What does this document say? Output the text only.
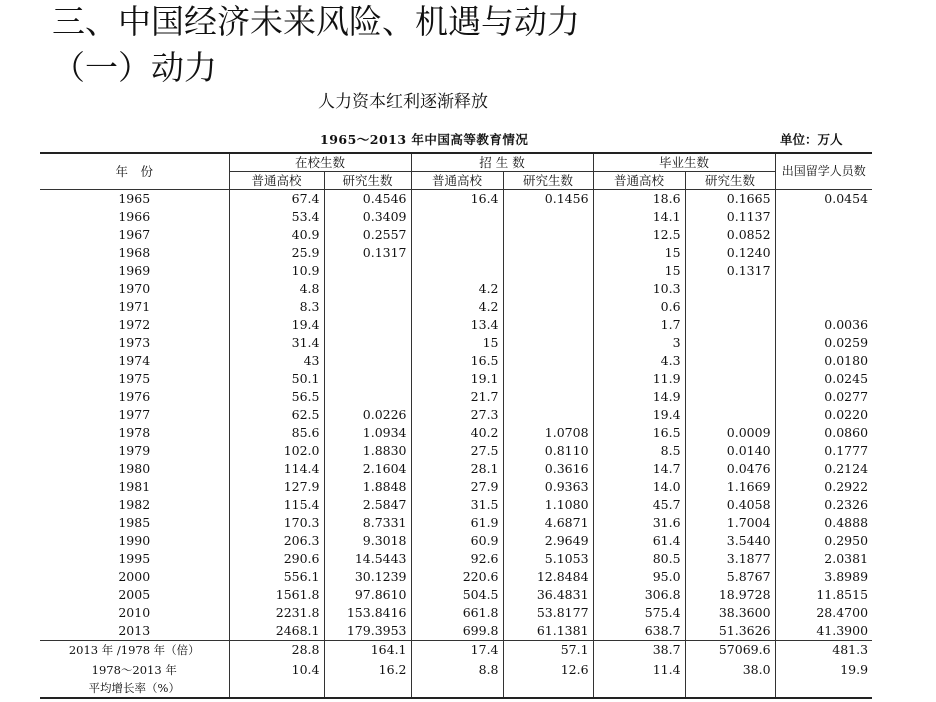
三、中国经济未来风险、机遇与动力
（一）动力
人力资本红利逐渐释放
1965～2013 年中国高等教育情况	单位：万人
年　份	在校生数		招 生 数		毕业生数		出国留学人员数
	普通高校	研究生数	普通高校	研究生数	普通高校	研究生数	
1965	67.4	0.4546	16.4	0.1456	18.6	0.1665	0.0454
1966	53.4	0.3409			14.1	0.1137	
1967	40.9	0.2557			12.5	0.0852	
1968	25.9	0.1317			15	0.1240	
1969	10.9				15	0.1317	
1970	4.8		4.2		10.3		
1971	8.3		4.2		0.6		
1972	19.4		13.4		1.7		0.0036
1973	31.4		15		3		0.0259
1974	43		16.5		4.3		0.0180
1975	50.1		19.1		11.9		0.0245
1976	56.5		21.7		14.9		0.0277
1977	62.5	0.0226	27.3		19.4		0.0220
1978	85.6	1.0934	40.2	1.0708	16.5	0.0009	0.0860
1979	102.0	1.8830	27.5	0.8110	8.5	0.0140	0.1777
1980	114.4	2.1604	28.1	0.3616	14.7	0.0476	0.2124
1981	127.9	1.8848	27.9	0.9363	14.0	1.1669	0.2922
1982	115.4	2.5847	31.5	1.1080	45.7	0.4058	0.2326
1985	170.3	8.7331	61.9	4.6871	31.6	1.7004	0.4888
1990	206.3	9.3018	60.9	2.9649	61.4	3.5440	0.2950
1995	290.6	14.5443	92.6	5.1053	80.5	3.1877	2.0381
2000	556.1	30.1239	220.6	12.8484	95.0	5.8767	3.8989
2005	1561.8	97.8610	504.5	36.4831	306.8	18.9728	11.8515
2010	2231.8	153.8416	661.8	53.8177	575.4	38.3600	28.4700
2013	2468.1	179.3953	699.8	61.1381	638.7	51.3626	41.3900
2013 年 /1978 年（倍）	28.8	164.1	17.4	57.1	38.7	57069.6	481.3
1978～2013 年
平均增长率（%）	10.4	16.2	8.8	12.6	11.4	38.0	19.9
